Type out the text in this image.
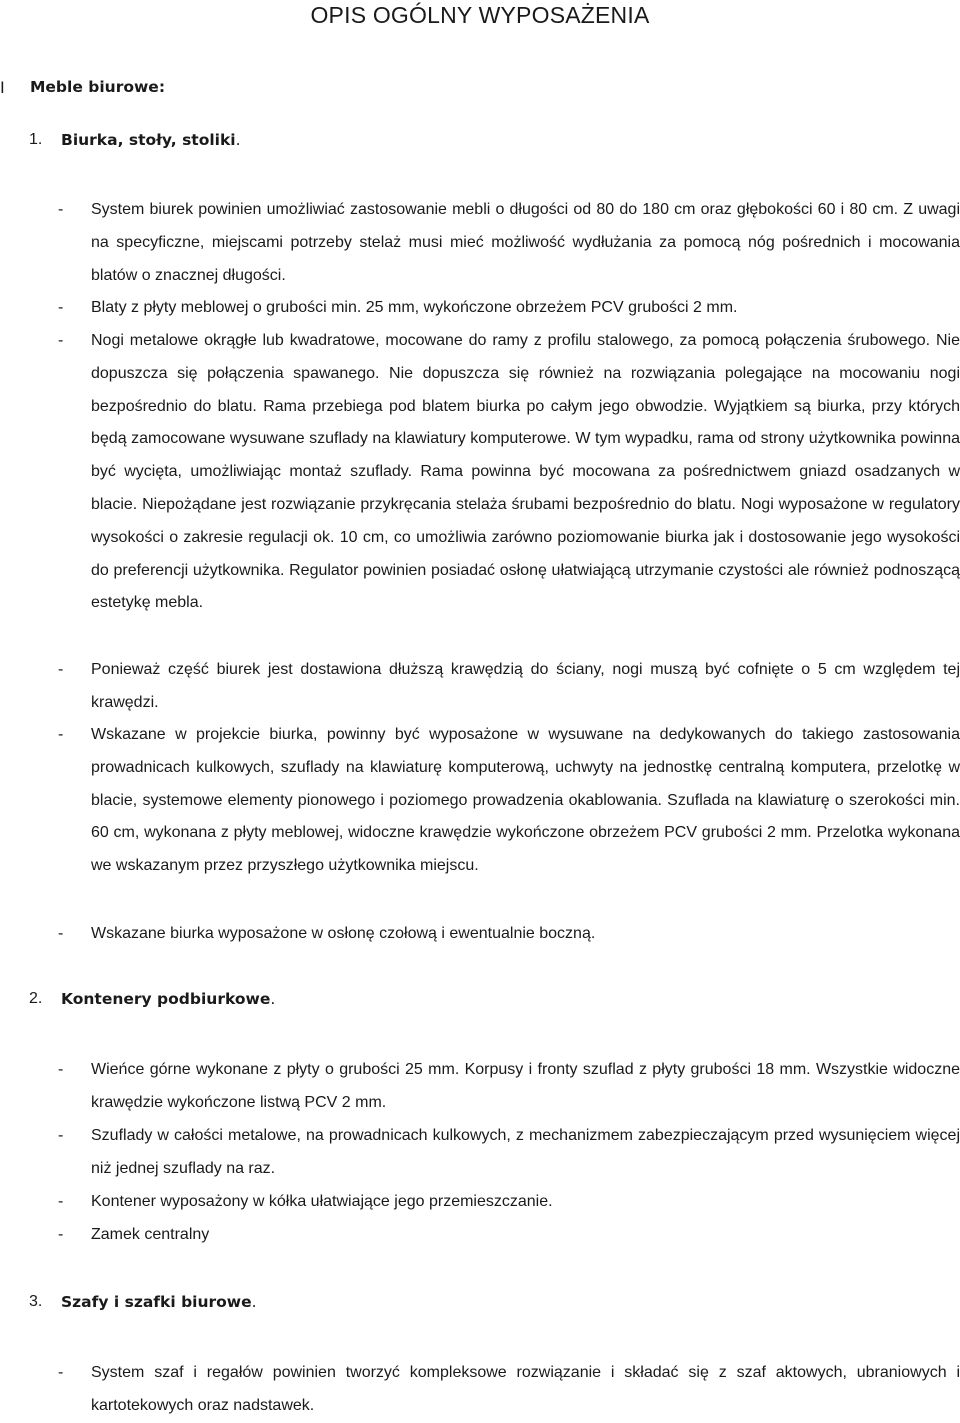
OPIS OGÓLNY WYPOSAŻENIA
I Meble biurowe:
1. Biurka, stoły, stoliki.
- System biurek powinien umożliwiać zastosowanie mebli o długości od 80 do 180 cm oraz głębokości 60 i 80 cm. Z uwagi na specyficzne, miejscami potrzeby stelaż musi mieć możliwość wydłużania za pomocą nóg pośrednich i mocowania blatów o znacznej długości.
- Blaty z płyty meblowej o grubości min. 25 mm, wykończone obrzeżem PCV grubości 2 mm.
- Nogi metalowe okrągłe lub kwadratowe, mocowane do ramy z profilu stalowego, za pomocą połączenia śrubowego. Nie dopuszcza się połączenia spawanego. Nie dopuszcza się również na rozwiązania polegające na mocowaniu nogi bezpośrednio do blatu. Rama przebiega pod blatem biurka po całym jego obwodzie. Wyjątkiem są biurka, przy których będą zamocowane wysuwane szuflady na klawiatury komputerowe. W tym wypadku, rama od strony użytkownika powinna być wycięta, umożliwiając montaż szuflady. Rama powinna być mocowana za pośrednictwem gniazd osadzanych w blacie. Niepożądane jest rozwiązanie przykręcania stelaża śrubami bezpośrednio do blatu. Nogi wyposażone w regulatory wysokości o zakresie regulacji ok. 10 cm, co umożliwia zarówno poziomowanie biurka jak i dostosowanie jego wysokości do preferencji użytkownika. Regulator powinien posiadać osłonę ułatwiającą utrzymanie czystości ale również podnoszącą estetykę mebla.
- Ponieważ część biurek jest dostawiona dłuższą krawędzią do ściany, nogi muszą być cofnięte o 5 cm względem tej krawędzi.
- Wskazane w projekcie biurka, powinny być wyposażone w wysuwane na dedykowanych do takiego zastosowania prowadnicach kulkowych, szuflady na klawiaturę komputerową, uchwyty na jednostkę centralną komputera, przelotkę w blacie, systemowe elementy pionowego i poziomego prowadzenia okablowania. Szuflada na klawiaturę o szerokości min. 60 cm, wykonana z płyty meblowej, widoczne krawędzie wykończone obrzeżem PCV grubości 2 mm. Przelotka wykonana we wskazanym przez przyszłego użytkownika miejscu.
- Wskazane biurka wyposażone w osłonę czołową i ewentualnie boczną.
2. Kontenery podbiurkowe.
- Wieńce górne wykonane z płyty o grubości 25 mm. Korpusy i fronty szuflad z płyty grubości 18 mm. Wszystkie widoczne krawędzie wykończone listwą PCV 2 mm.
- Szuflady w całości metalowe, na prowadnicach kulkowych, z mechanizmem zabezpieczającym przed wysunięciem więcej niż jednej szuflady na raz.
- Kontener wyposażony w kółka ułatwiające jego przemieszczanie.
- Zamek centralny
3. Szafy i szafki biurowe.
- System szaf i regałów powinien tworzyć kompleksowe rozwiązanie i składać się z szaf aktowych, ubraniowych i kartotekowych oraz nadstawek.
